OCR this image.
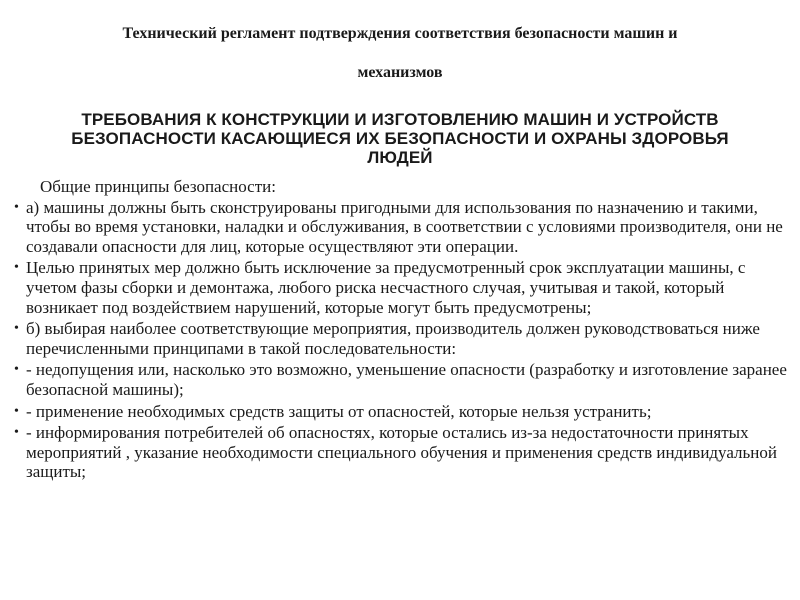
Технический регламент подтверждения соответствия безопасности машин и

механизмов

ТРЕБОВАНИЯ К КОНСТРУКЦИИ И ИЗГОТОВЛЕНИЮ МАШИН И УСТРОЙСТВ БЕЗОПАСНОСТИ КАСАЮЩИЕСЯ ИХ БЕЗОПАСНОСТИ И ОХРАНЫ ЗДОРОВЬЯ ЛЮДЕЙ

Общие принципы безопасности:

• а) машины должны быть сконструированы пригодными для использования по назначению и такими, чтобы во время установки, наладки и обслуживания, в соответствии с условиями производителя, они не создавали опасности для лиц, которые осуществляют эти операции.
• Целью принятых мер должно быть исключение за предусмотренный срок эксплуатации машины, с учетом фазы сборки и демонтажа, любого риска несчастного случая, учитывая и такой, который возникает под воздействием нарушений, которые могут быть предусмотрены;
• б) выбирая наиболее соответствующие мероприятия, производитель должен руководствоваться ниже перечисленными принципами в такой последовательности:
• - недопущения или, насколько это возможно, уменьшение опасности (разработку и изготовление заранее безопасной машины);
• - применение необходимых средств защиты от опасностей, которые нельзя устранить;
• - информирования потребителей об опасностях, которые остались из-за недостаточности принятых мероприятий , указание необходимости специального обучения и применения средств индивидуальной защиты;
